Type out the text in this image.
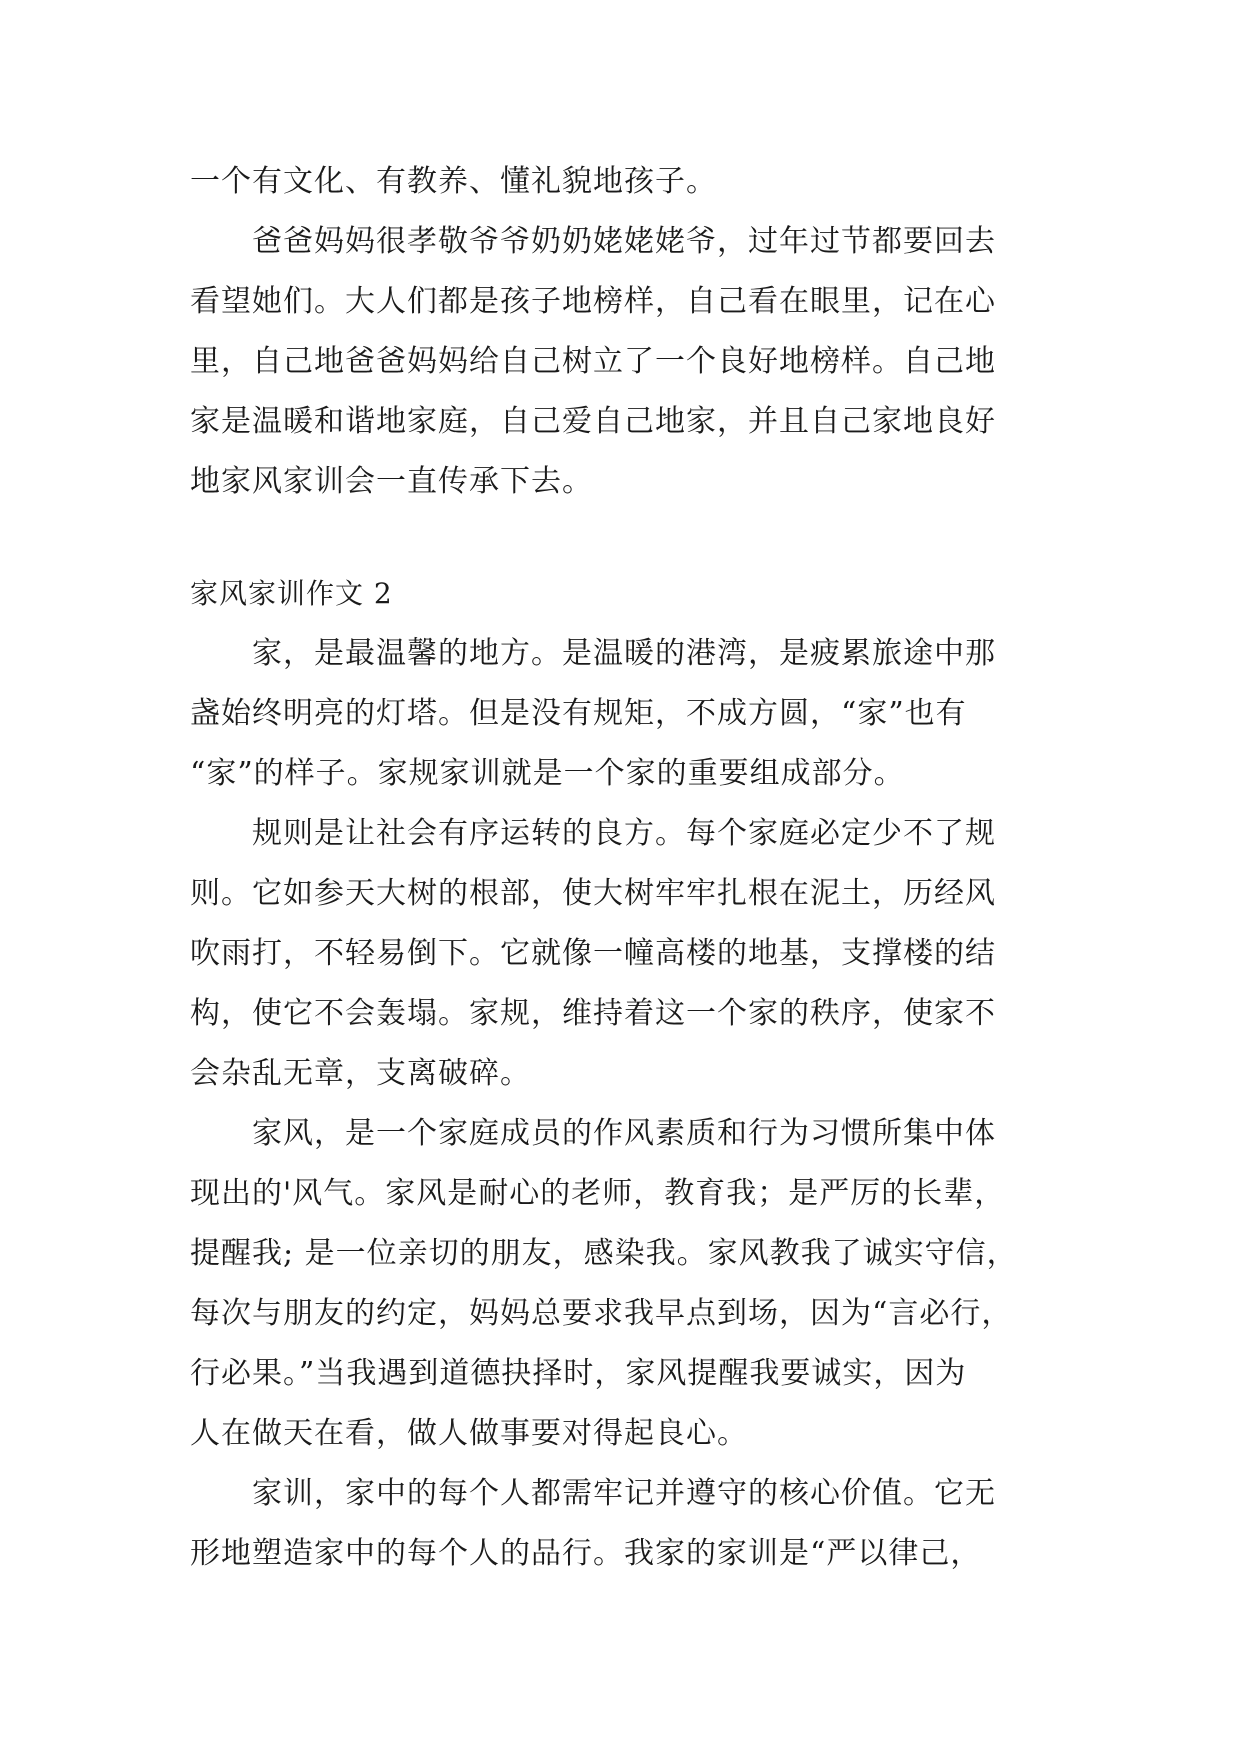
一个有文化、有教养、懂礼貌地孩子。

　　爸爸妈妈很孝敬爷爷奶奶姥姥姥爷，过年过节都要回去

看望她们。大人们都是孩子地榜样，自己看在眼里，记在心

里，自己地爸爸妈妈给自己树立了一个良好地榜样。自己地

家是温暖和谐地家庭，自己爱自己地家，并且自己家地良好

地家风家训会一直传承下去。

家风家训作文 2

　　家，是最温馨的地方。是温暖的港湾，是疲累旅途中那

盏始终明亮的灯塔。但是没有规矩，不成方圆，“家”也有

“家”的样子。家规家训就是一个家的重要组成部分。

　　规则是让社会有序运转的良方。每个家庭必定少不了规

则。它如参天大树的根部，使大树牢牢扎根在泥土，历经风

吹雨打，不轻易倒下。它就像一幢高楼的地基，支撑楼的结

构，使它不会轰塌。家规，维持着这一个家的秩序，使家不

会杂乱无章，支离破碎。

　　家风，是一个家庭成员的作风素质和行为习惯所集中体

现出的'风气。家风是耐心的老师，教育我；是严厉的长辈，

提醒我; 是一位亲切的朋友，感染我。家风教我了诚实守信，

每次与朋友的约定，妈妈总要求我早点到场，因为“言必行，

行必果。”当我遇到道德抉择时，家风提醒我要诚实，因为

人在做天在看，做人做事要对得起良心。

　　家训，家中的每个人都需牢记并遵守的核心价值。它无

形地塑造家中的每个人的品行。我家的家训是“严以律己，
